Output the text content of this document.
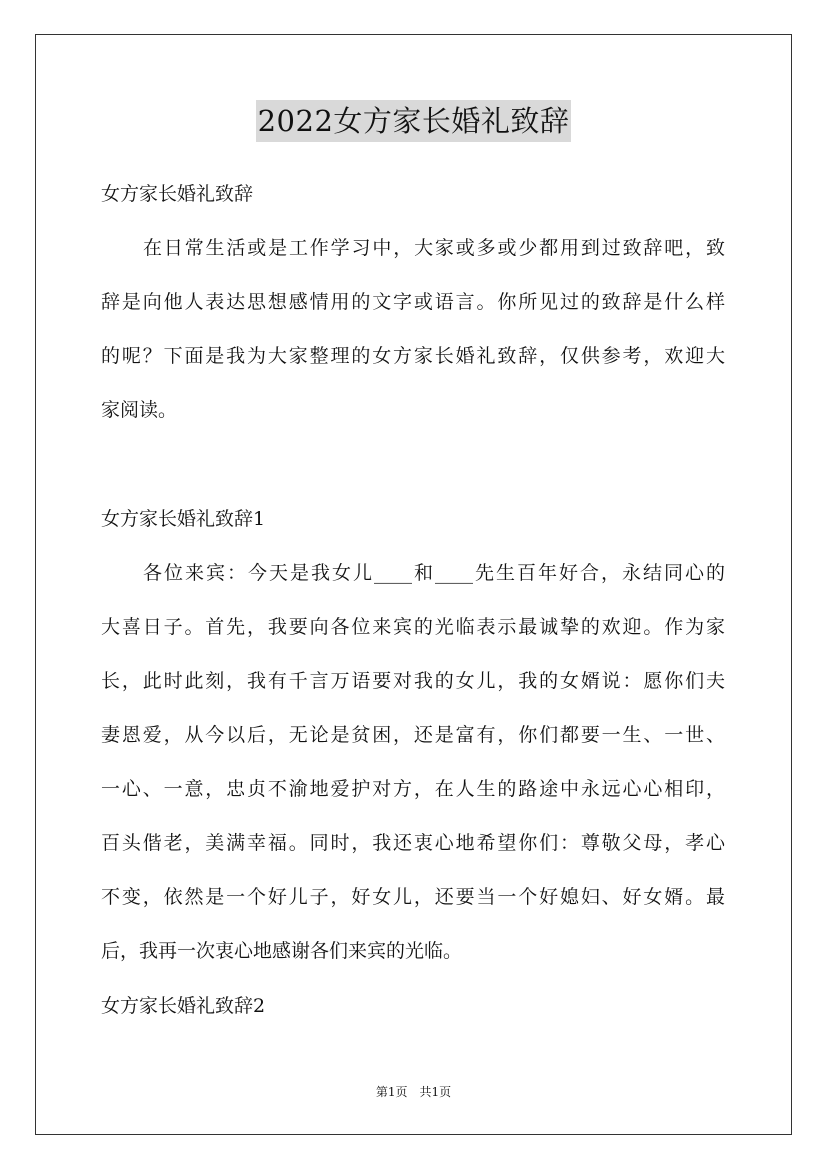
2022女方家长婚礼致辞
女方家长婚礼致辞
在日常生活或是工作学习中，大家或多或少都用到过致辞吧，致
辞是向他人表达思想感情用的文字或语言。你所见过的致辞是什么样
的呢？下面是我为大家整理的女方家长婚礼致辞，仅供参考，欢迎大
家阅读。
女方家长婚礼致辞1
各位来宾：今天是我女儿____和____先生百年好合，永结同心的
大喜日子。首先，我要向各位来宾的光临表示最诚挚的欢迎。作为家
长，此时此刻，我有千言万语要对我的女儿，我的女婿说：愿你们夫
妻恩爱，从今以后，无论是贫困，还是富有，你们都要一生、一世、
一心、一意，忠贞不渝地爱护对方，在人生的路途中永远心心相印，
百头偕老，美满幸福。同时，我还衷心地希望你们：尊敬父母，孝心
不变，依然是一个好儿子，好女儿，还要当一个好媳妇、好女婿。最
后，我再一次衷心地感谢各们来宾的光临。
女方家长婚礼致辞2
第1页　共1页
